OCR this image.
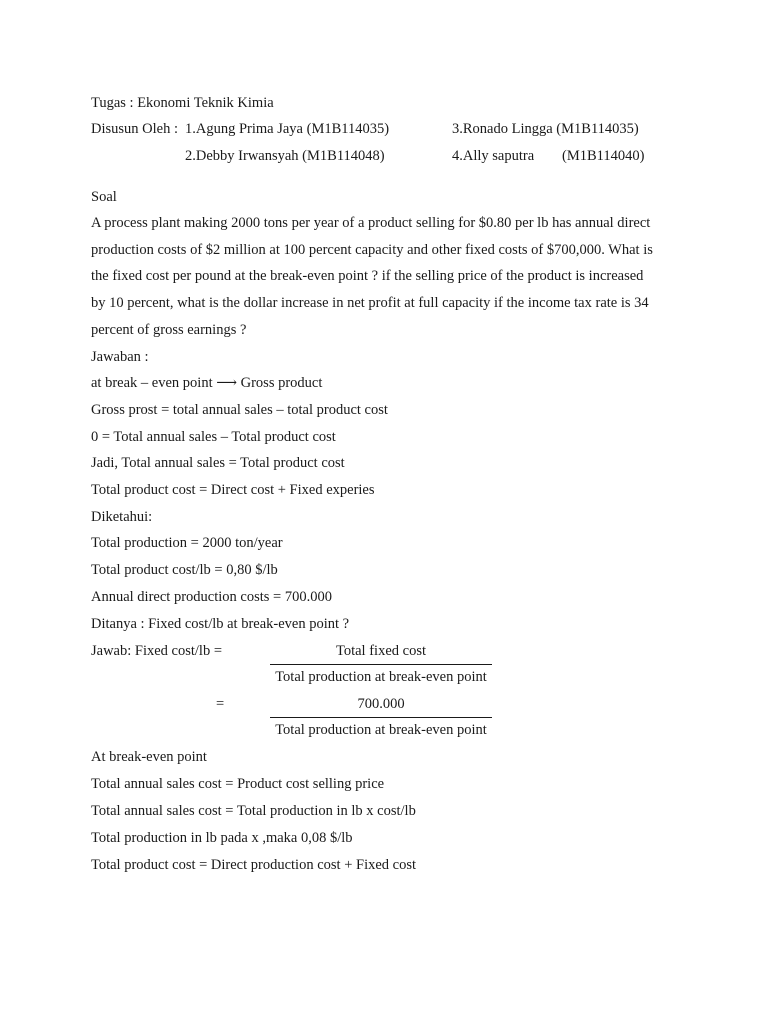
Tugas : Ekonomi Teknik Kimia
Disusun Oleh : 1.Agung Prima Jaya (M1B114035)	3.Ronado Lingga (M1B114035)
2.Debby Irwansyah (M1B114048)	4.Ally saputra (M1B114040)
Soal
A process plant making 2000 tons per year of a product selling for $0.80 per lb has annual direct
production costs of $2 million at 100 percent capacity and other fixed costs of $700,000. What is
the fixed cost per pound at the break-even point ? if the selling price of the product is increased
by 10 percent, what is the dollar increase in net profit at full capacity if the income tax rate is 34
percent of gross earnings ?
Jawaban :
at break – even point ⟶ Gross product
Gross prost = total annual sales – total product cost
0 = Total annual sales – Total product cost
Jadi, Total annual sales = Total product cost
Total product cost = Direct cost + Fixed experies
Diketahui:
Total production = 2000 ton/year
Total product cost/lb = 0,80 $/lb
Annual direct production costs = 700.000
Ditanya : Fixed cost/lb at break-even point ?
Jawab: Fixed cost/lb =	Total fixed cost
Total production at break-even point
=	700.000
Total production at break-even point
At break-even point
Total annual sales cost = Product cost selling price
Total annual sales cost = Total production in lb x cost/lb
Total production in lb pada x ,maka 0,08 $/lb
Total product cost = Direct production cost + Fixed cost
